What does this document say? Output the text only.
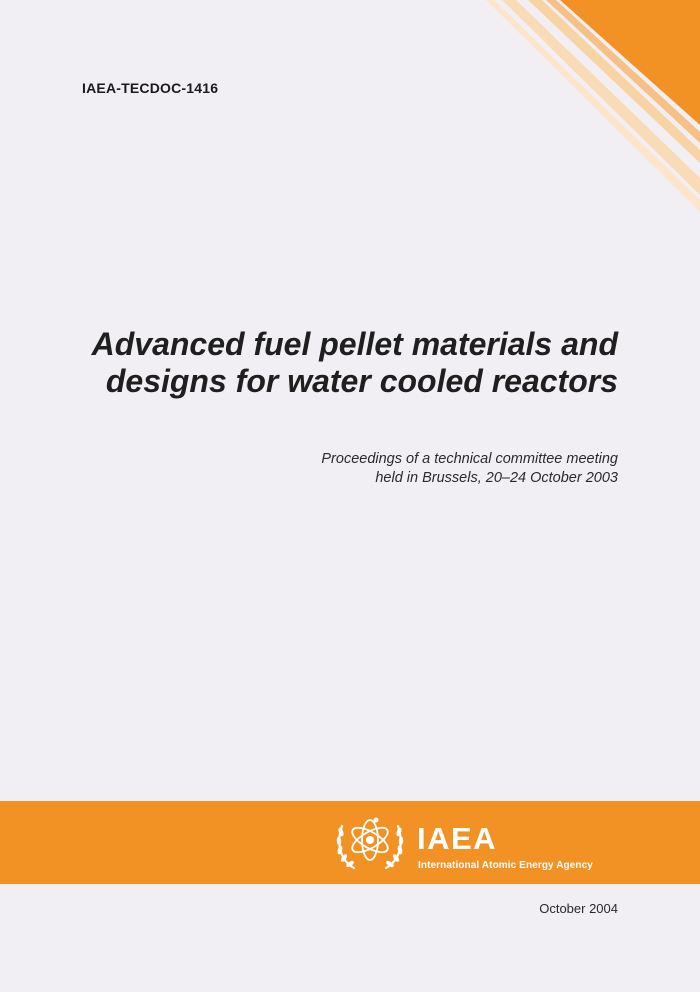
IAEA-TECDOC-1416
Advanced fuel pellet materials and
designs for water cooled reactors
Proceedings of a technical committee meeting
held in Brussels, 20–24 October 2003
IAEA
International Atomic Energy Agency
October 2004
